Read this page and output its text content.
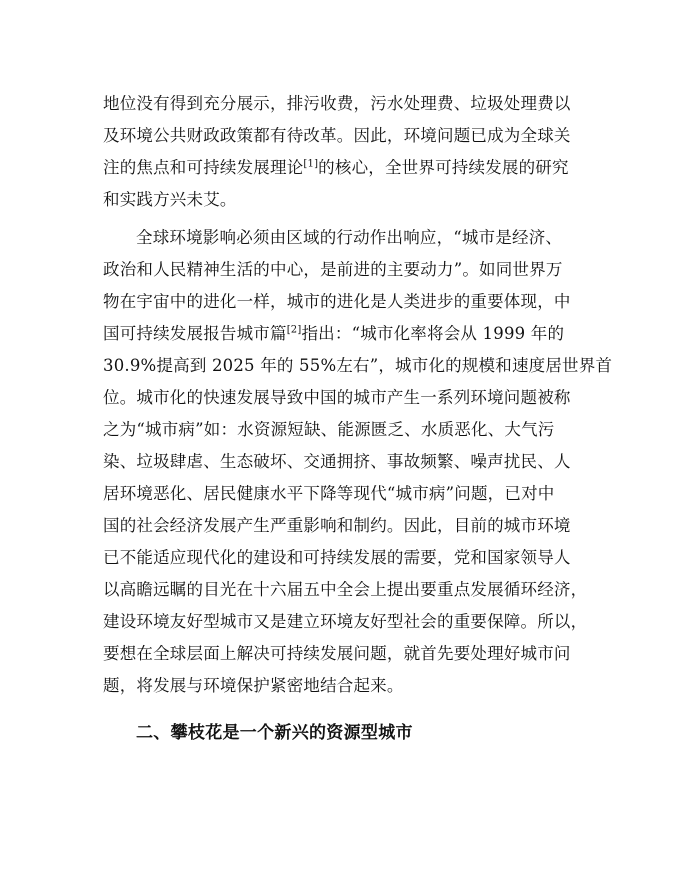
地位没有得到充分展示，排污收费，污水处理费、垃圾处理费以
及环境公共财政政策都有待改革。因此，环境问题已成为全球关
注的焦点和可持续发展理论[1]的核心，全世界可持续发展的研究
和实践方兴未艾。
全球环境影响必须由区域的行动作出响应，“城市是经济、
政治和人民精神生活的中心，是前进的主要动力”。如同世界万
物在宇宙中的进化一样，城市的进化是人类进步的重要体现，中
国可持续发展报告城市篇[2]指出：“城市化率将会从 1999 年的
30.9%提高到 2025 年的 55%左右”，城市化的规模和速度居世界首
位。城市化的快速发展导致中国的城市产生一系列环境问题被称
之为“城市病”如：水资源短缺、能源匮乏、水质恶化、大气污
染、垃圾肆虐、生态破坏、交通拥挤、事故频繁、噪声扰民、人
居环境恶化、居民健康水平下降等现代“城市病”问题，已对中
国的社会经济发展产生严重影响和制约。因此，目前的城市环境
已不能适应现代化的建设和可持续发展的需要，党和国家领导人
以高瞻远瞩的目光在十六届五中全会上提出要重点发展循环经济，
建设环境友好型城市又是建立环境友好型社会的重要保障。所以，
要想在全球层面上解决可持续发展问题，就首先要处理好城市问
题，将发展与环境保护紧密地结合起来。
二、攀枝花是一个新兴的资源型城市
